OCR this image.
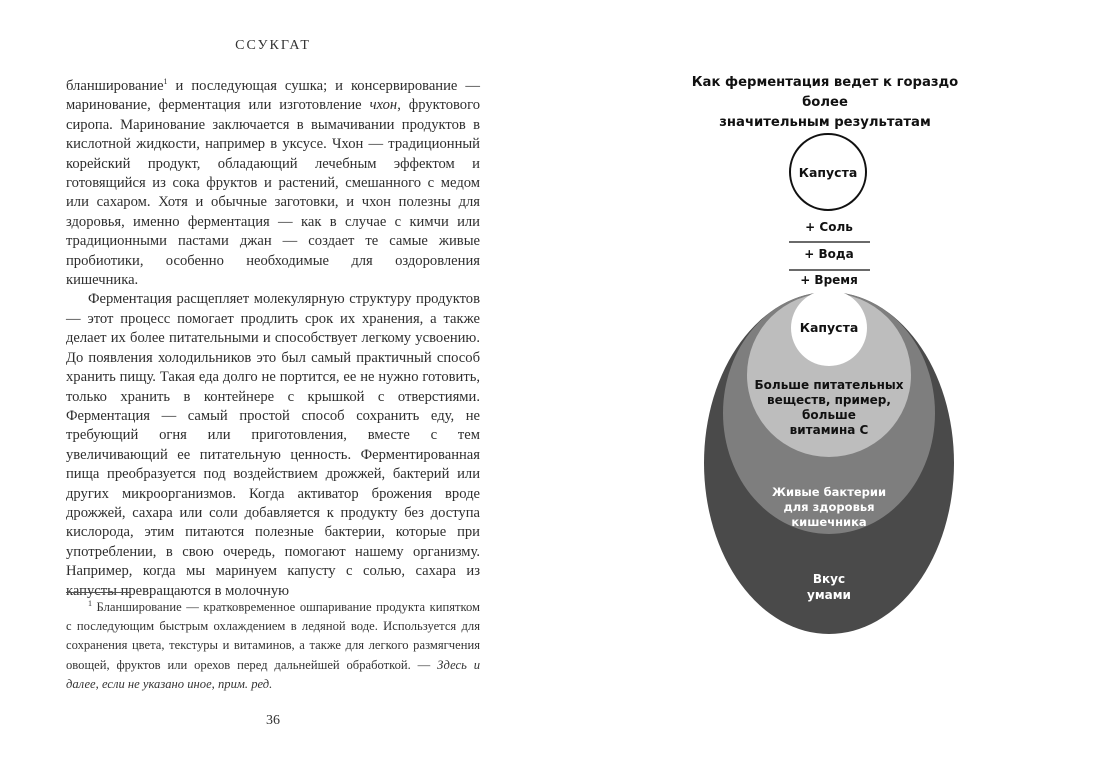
ССУКГАТ

бланширование$^1$ и последующая сушка; и консервирование — маринование, ферментация или изготовление чхон, фруктового сиропа. Маринование заключается в вымачивании продуктов в кислотной жидкости, например в уксусе. Чхон — традиционный корейский продукт, обладающий лечебным эффектом и готовящийся из сока фруктов и растений, смешанного с медом или сахаром. Хотя и обычные заготовки, и чхон полезны для здоровья, именно ферментация — как в случае с кимчи или традиционными пастами джан — создает те самые живые пробиотики, особенно необходимые для оздоровления кишечника.

Ферментация расщепляет молекулярную структуру продуктов — этот процесс помогает продлить срок их хранения, а также делает их более питательными и способствует легкому усвоению. До появления холодильников это был самый практичный способ хранить пищу. Такая еда долго не портится, ее не нужно готовить, только хранить в контейнере с крышкой с отверстиями. Ферментация — самый простой способ сохранить еду, не требующий огня или приготовления, вместе с тем увеличивающий ее питательную ценность. Ферментированная пища преобразуется под воздействием дрожжей, бактерий или других микроорганизмов. Когда активатор брожения вроде дрожжей, сахара или соли добавляется к продукту без доступа кислорода, этим питаются полезные бактерии, которые при употреблении, в свою очередь, помогают нашему организму. Например, когда мы маринуем капусту с солью, сахара из капусты превращаются в молочную

$^1$ Бланширование — кратковременное ошпаривание продукта кипятком с последующим быстрым охлаждением в ледяной воде. Используется для сохранения цвета, текстуры и витаминов, а также для легкого размягчения овощей, фруктов или орехов перед дальнейшей обработкой. — Здесь и далее, если не указано иное, прим. ред.
36
Как ферментация ведет к гораздо более
значительным результатам
Капуста
+ Соль
+ Вода
+ Время
Капуста
Больше питательных
веществ, пример,
больше
витамина С
Живые бактерии
для здоровья
кишечника
Вкус
умами
